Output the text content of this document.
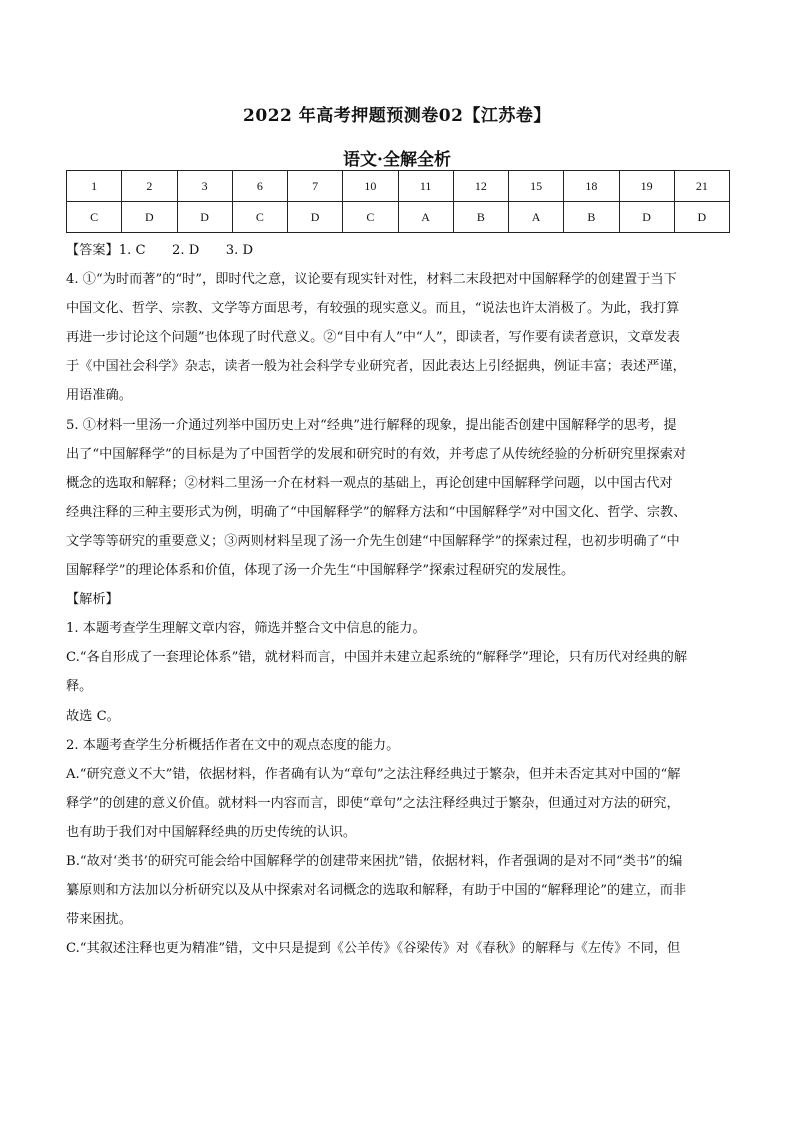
2022 年高考押题预测卷02【江苏卷】
语文·全解全析
1	2	3	6	7	10	11	12	15	18	19	21
C	D	D	C	D	C	A	B	A	B	D	D

【答案】1. C　　2. D　　3. D

4. ①“为时而著”的“时”，即时代之意，议论要有现实针对性，材料二末段把对中国解释学的创建置于当下

中国文化、哲学、宗教、文学等方面思考，有较强的现实意义。而且，“说法也许太消极了。为此，我打算

再进一步讨论这个问题”也体现了时代意义。②“目中有人”中“人”，即读者，写作要有读者意识，文章发表

于《中国社会科学》杂志，读者一般为社会科学专业研究者，因此表达上引经据典，例证丰富；表述严谨，

用语准确。

5. ①材料一里汤一介通过列举中国历史上对“经典”进行解释的现象，提出能否创建中国解释学的思考，提

出了“中国解释学”的目标是为了中国哲学的发展和研究时的有效，并考虑了从传统经验的分析研究里探索对

概念的选取和解释；②材料二里汤一介在材料一观点的基础上，再论创建中国解释学问题，以中国古代对

经典注释的三种主要形式为例，明确了“中国解释学”的解释方法和“中国解释学”对中国文化、哲学、宗教、

文学等等研究的重要意义；③两则材料呈现了汤一介先生创建“中国解释学”的探索过程，也初步明确了“中

国解释学”的理论体系和价值，体现了汤一介先生“中国解释学”探索过程研究的发展性。

【解析】

1. 本题考查学生理解文章内容，筛选并整合文中信息的能力。

C.“各自形成了一套理论体系”错，就材料而言，中国并未建立起系统的“解释学”理论，只有历代对经典的解

释。

故选 C。

2. 本题考查学生分析概括作者在文中的观点态度的能力。

A.“研究意义不大”错，依据材料，作者确有认为“章句”之法注释经典过于繁杂，但并未否定其对中国的“解

释学”的创建的意义价值。就材料一内容而言，即使“章句”之法注释经典过于繁杂，但通过对方法的研究，

也有助于我们对中国解释经典的历史传统的认识。

B.“故对‘类书’的研究可能会给中国解释学的创建带来困扰”错，依据材料，作者强调的是对不同“类书”的编

纂原则和方法加以分析研究以及从中探索对名词概念的选取和解释，有助于中国的“解释理论”的建立，而非

带来困扰。

C.“其叙述注释也更为精准”错，文中只是提到《公羊传》《谷梁传》对《春秋》的解释与《左传》不同，但
